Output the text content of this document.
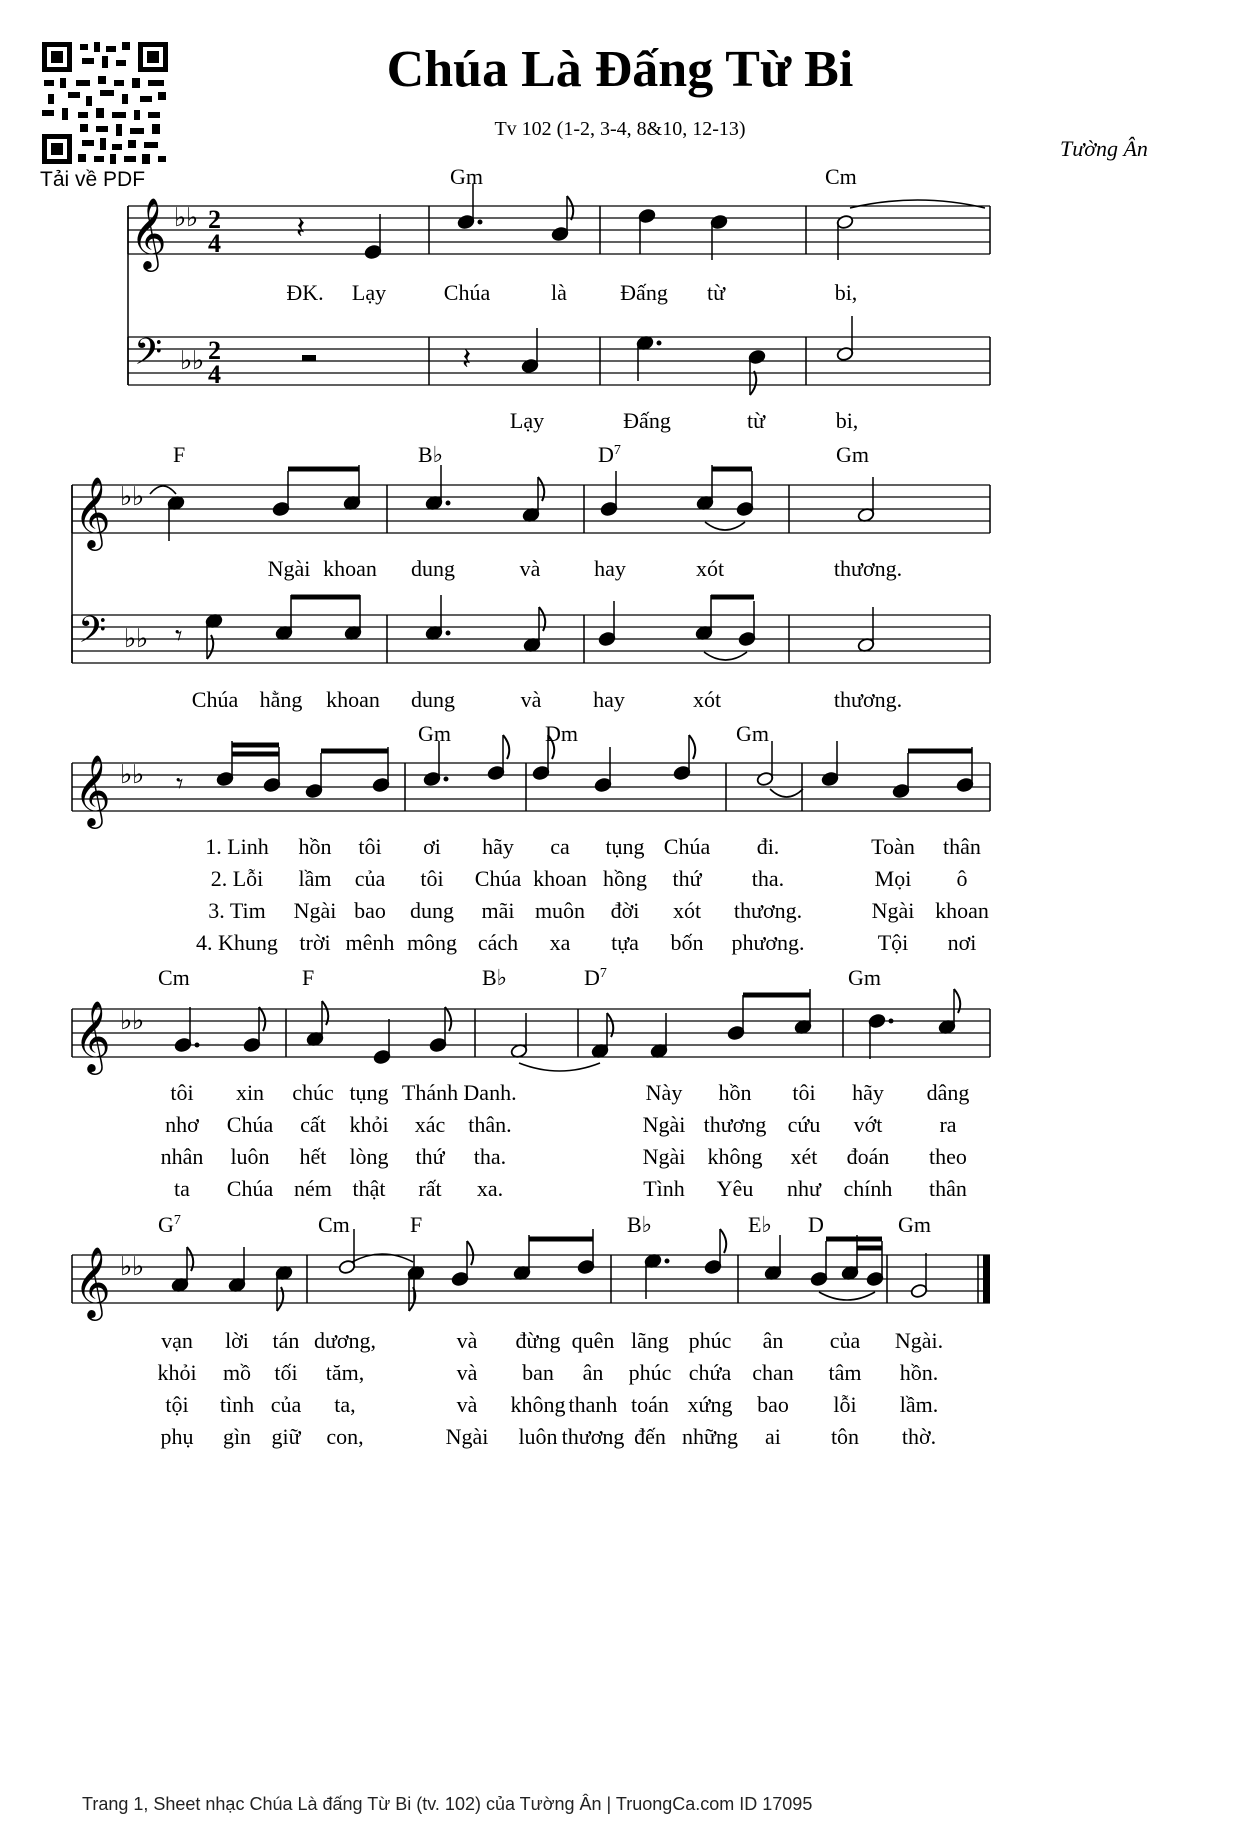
Tải về PDF
Chúa Là Đấng Từ Bi
Tv 102 (1-2, 3-4, 8&10, 12-13)
Tường Ân
𝄞 ♭ ♭ 2
4
𝄢 ♭ ♭ 2
4
𝄽
𝄽
Gm	Cm
ĐK. Lạy	Chúa	là Đấng từ	bi,
Lạy	Đấng	từ	bi,
𝄞 ♭ ♭
𝄢 ♭ ♭ 𝄾
F	B♭	$D^7$	Gm
Ngài khoan dung	và hay	xót	thương.
Chúa hằng khoan dung	và hay	xót	thương.
𝄞 ♭ ♭ 𝄾
Gm	Dm	Gm
1. Linh hồn tôi ơi hãy ca tụng Chúa đi.	Toàn thân
2. Lỗi lầm của tôi Chúa khoan hồng thứ tha.	Mọi ô
3. Tim Ngài bao dung mãi muôn đời xót thương.	Ngài khoan
4. Khung trời mênh mông cách xa tựa bốn phương.	Tội nơi
𝄞 ♭ ♭
Cm	F	B♭	$D^7$	Gm
tôi xin chúc tụng Thánh Danh.	Này hồn tôi hãy dâng
nhơ Chúa cất khỏi xác thân.	Ngài thương cứu vớt	ra
nhân luôn hết lòng thứ tha.	Ngài không xét đoán theo
ta Chúa ném thật rất xa.	Tình Yêu như chính thân
𝄞 ♭ ♭
$G^7$	Cm	F	B♭	E♭ D	Gm
vạn lời tán dương,	và đừng quên lãng phúc ân của Ngài.
khỏi mồ tối tăm,	và ban ân phúc chứa chan tâm hồn.
tội tình của ta,	và không thanh toán xứng bao lỗi lầm.
phụ gìn giữ con,	Ngài luôn thương đến những ai tôn thờ.
Trang 1, Sheet nhạc Chúa Là đấng Từ Bi (tv. 102) của Tường Ân | TruongCa.com ID 17095
